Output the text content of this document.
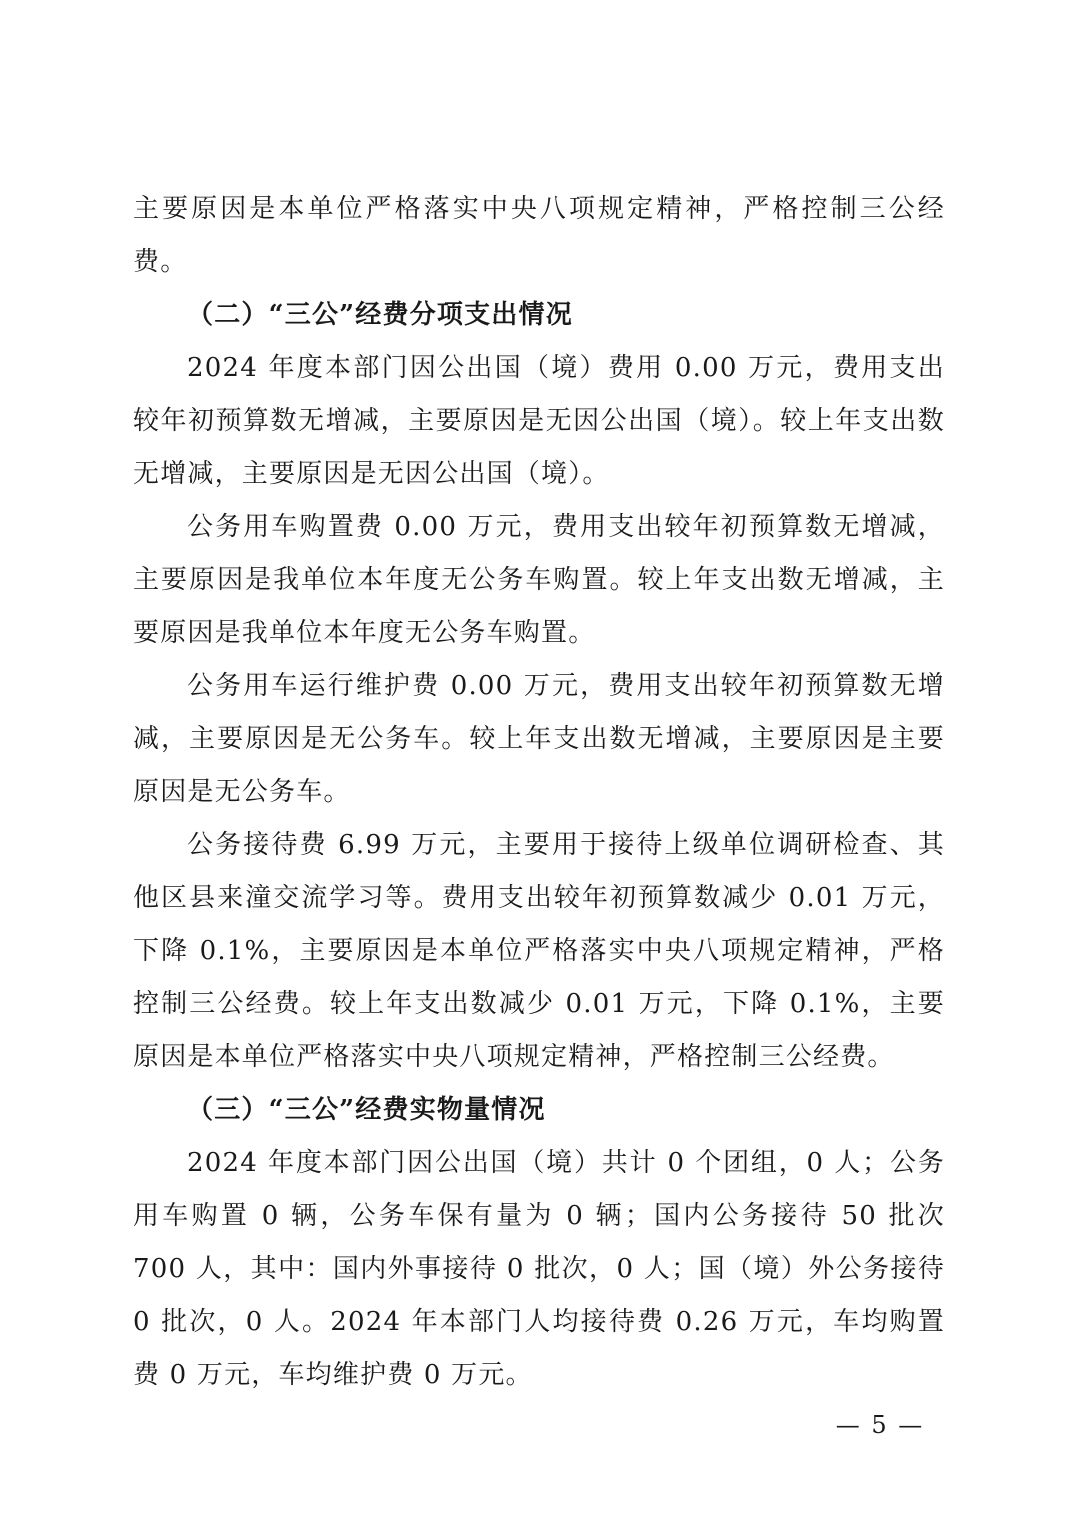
主要原因是本单位严格落实中央八项规定精神，严格控制三公经费。

（二）“三公”经费分项支出情况

2024 年度本部门因公出国（境）费用 0.00 万元，费用支出较年初预算数无增减，主要原因是无因公出国（境）。较上年支出数无增减，主要原因是无因公出国（境）。

公务用车购置费 0.00 万元，费用支出较年初预算数无增减，主要原因是我单位本年度无公务车购置。较上年支出数无增减，主要原因是我单位本年度无公务车购置。

公务用车运行维护费 0.00 万元，费用支出较年初预算数无增减，主要原因是无公务车。较上年支出数无增减，主要原因是主要原因是无公务车。

公务接待费 6.99 万元，主要用于接待上级单位调研检查、其他区县来潼交流学习等。费用支出较年初预算数减少 0.01 万元，下降 0.1%，主要原因是本单位严格落实中央八项规定精神，严格控制三公经费。较上年支出数减少 0.01 万元，下降 0.1%，主要原因是本单位严格落实中央八项规定精神，严格控制三公经费。

（三）“三公”经费实物量情况

2024 年度本部门因公出国（境）共计 0 个团组，0 人；公务用车购置 0 辆，公务车保有量为 0 辆；国内公务接待 50 批次 700 人，其中：国内外事接待 0 批次，0 人；国（境）外公务接待 0 批次，0 人。2024 年本部门人均接待费 0.26 万元，车均购置费 0 万元，车均维护费 0 万元。

— 5 —
